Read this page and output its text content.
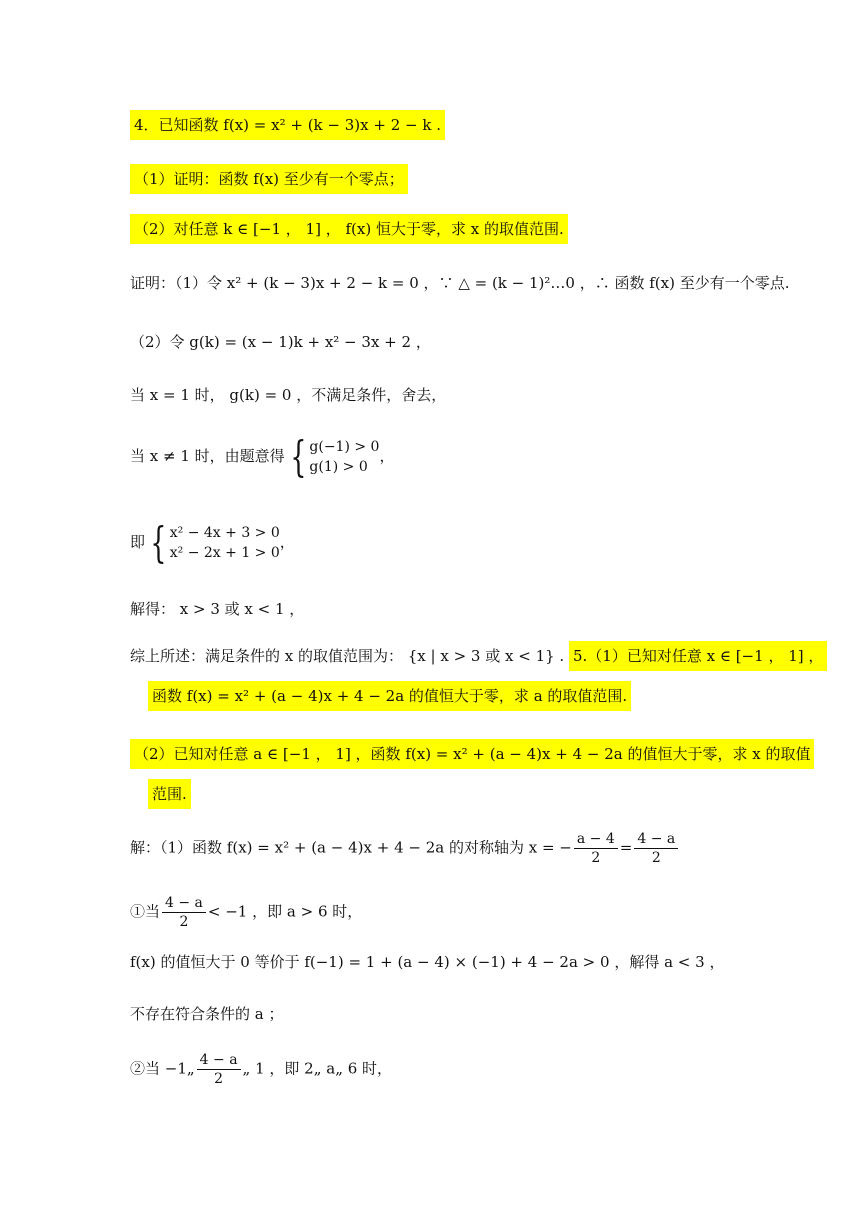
4．已知函数 f(x) = x² + (k − 3)x + 2 − k .
（1）证明：函数 f(x) 至少有一个零点；
（2）对任意 k ∈ [−1 ， 1] ， f(x) 恒大于零，求 x 的取值范围.
证明：（1）令 x² + (k − 3)x + 2 − k = 0 ，∵ △ = (k − 1)²…0 ，∴ 函数 f(x) 至少有一个零点.
（2）令 g(k) = (x − 1)k + x² − 3x + 2 ，
当 x = 1 时， g(k) = 0 ，不满足条件，舍去，
当 x ≠ 1 时，由题意得 { g(−1) > 0
g(1) > 0
，
即 { x² − 4x + 3 > 0
x² − 2x + 1 > 0
，
解得： x > 3 或 x < 1 ，
综上所述：满足条件的 x 的取值范围为： {x | x > 3 或 x < 1} . 5.（1）已知对任意 x ∈ [−1 ， 1] ，
函数 f(x) = x² + (a − 4)x + 4 − 2a 的值恒大于零，求 a 的取值范围.
（2）已知对任意 a ∈ [−1 ， 1] ，函数 f(x) = x² + (a − 4)x + 4 − 2a 的值恒大于零，求 x 的取值
范围.
解：（1）函数 f(x) = x² + (a − 4)x + 4 − 2a 的对称轴为 x = − $\frac{a - 4}{2} = \frac{4 - a}{2}$
①当 $\frac{4 - a}{2} < -1$ ，即 a > 6 时，
f(x) 的值恒大于 0 等价于 f(−1) = 1 + (a − 4) × (−1) + 4 − 2a > 0 ，解得 a < 3 ，
不存在符合条件的 a ；
②当 −1„ $\frac{4 - a}{2}$ „ 1 ，即 2„ a„ 6 时，
